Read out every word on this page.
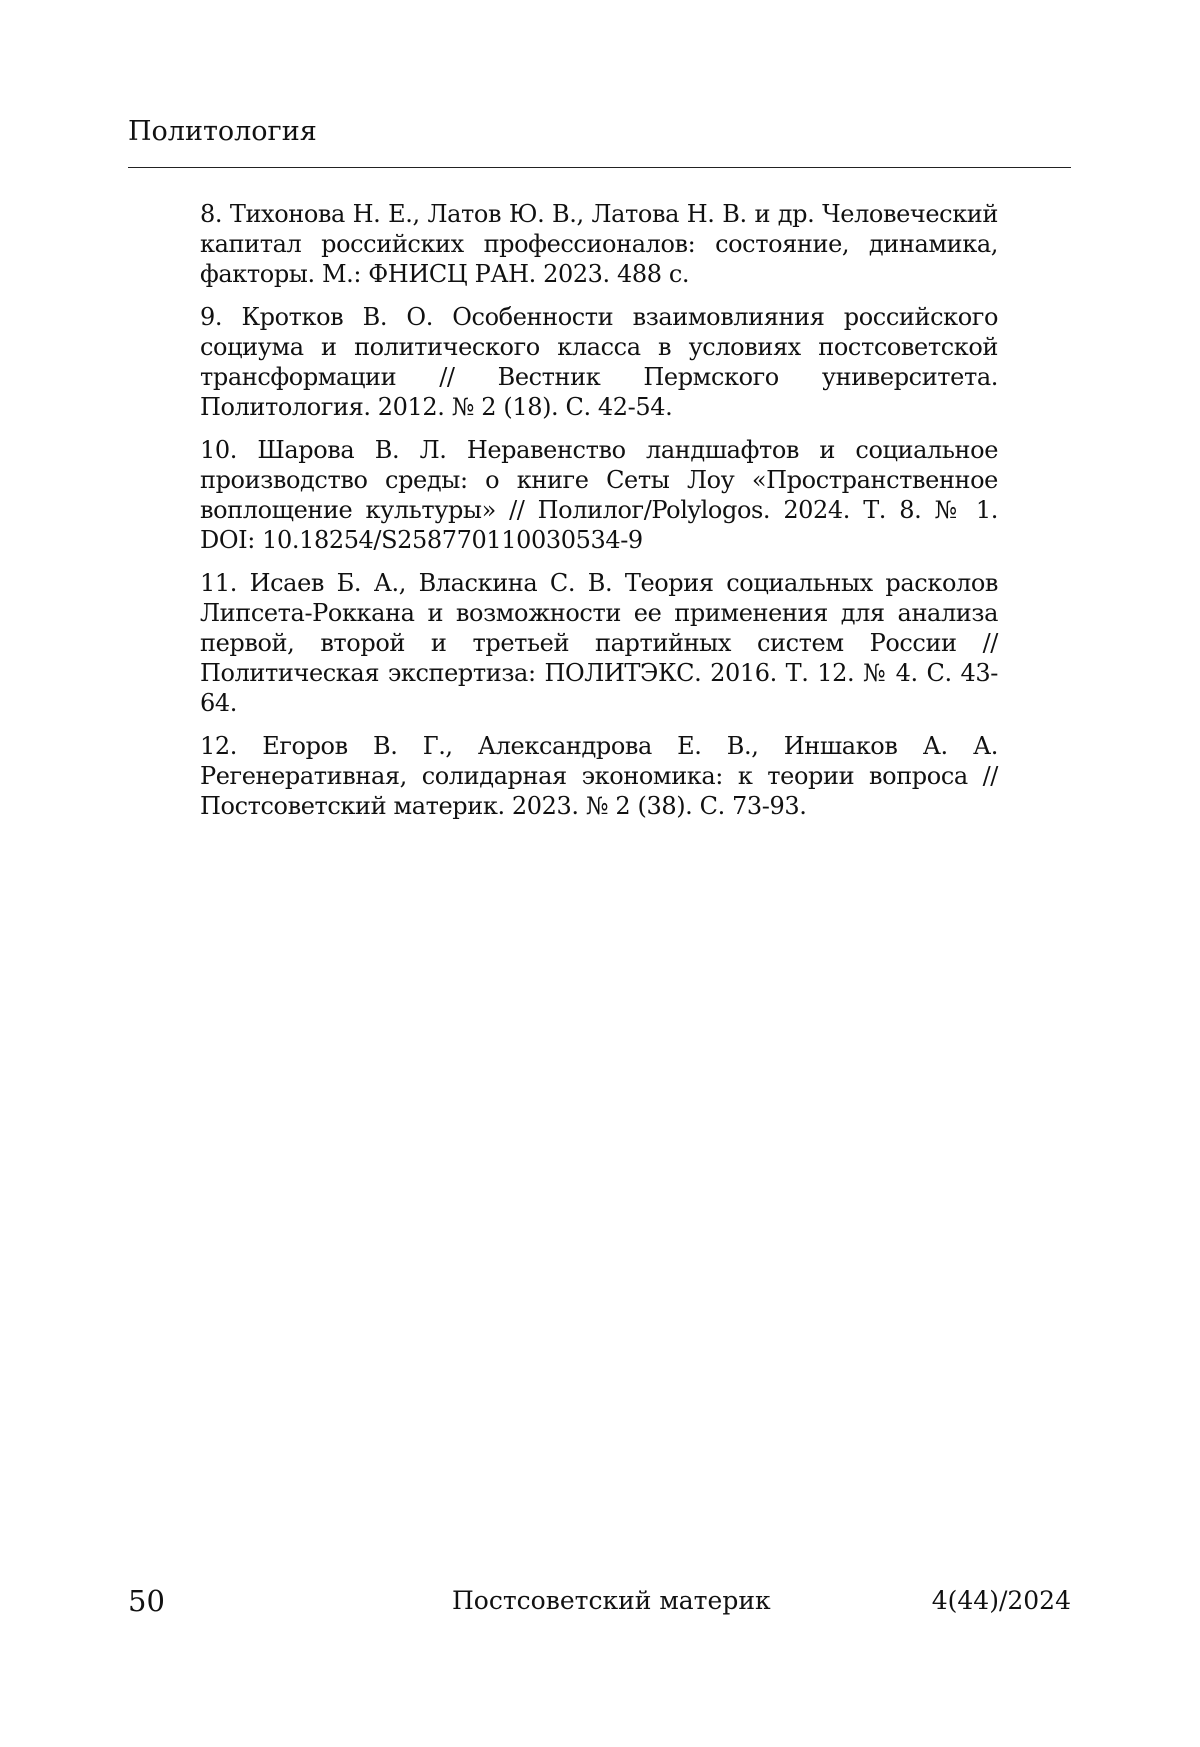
Политология
8. Тихонова Н. Е., Латов Ю. В., Латова Н. В. и др. Человеческий капитал российских профессионалов: состояние, динамика, факторы. М.: ФНИСЦ РАН. 2023. 488 с.
9. Кротков В. О. Особенности взаимовлияния российского социума и политического класса в условиях постсоветской трансформации // Вестник Пермского университета. Политология. 2012. № 2 (18). С. 42-54.
10. Шарова В. Л. Неравенство ландшафтов и социальное производство среды: о книге Сеты Лоу «Пространственное воплощение культуры» // Полилог/Polylogos. 2024. Т. 8. № 1. DOI: 10.18254/S258770110030534-9
11. Исаев Б. А., Власкина С. В. Теория социальных расколов Липсета-Роккана и возможности ее применения для анализа первой, второй и третьей партийных систем России // Политическая экспертиза: ПОЛИТЭКС. 2016. Т. 12. № 4. С. 43-64.
12. Егоров В. Г., Александрова Е. В., Иншаков А. А. Регенеративная, солидарная экономика: к теории вопроса // Постсоветский материк. 2023. № 2 (38). С. 73-93.
50	Постсоветский материк	4(44)/2024
